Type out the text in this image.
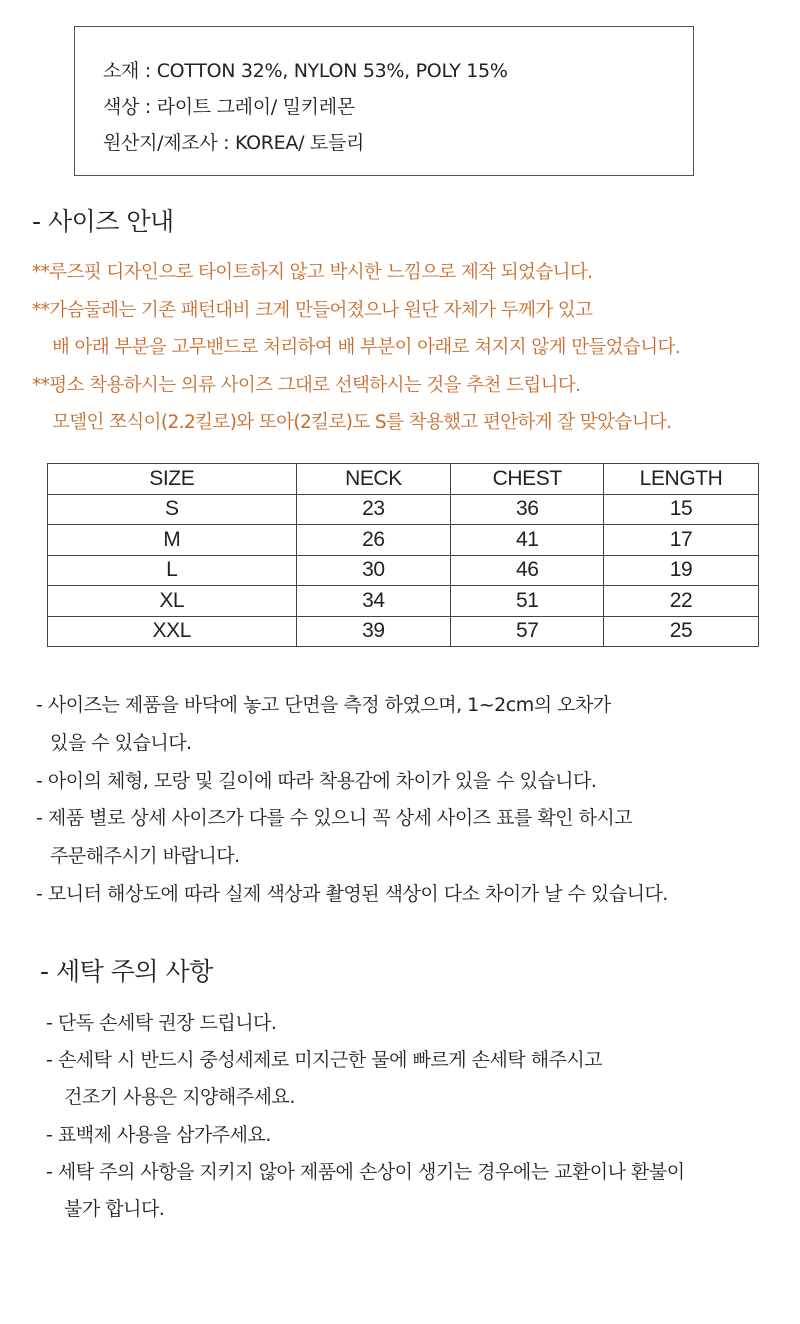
소재 : COTTON 32%, NYLON 53%, POLY 15%
색상 : 라이트 그레이/ 밀키레몬
원산지/제조사 : KOREA/ 토들리
- 사이즈 안내
**루즈핏 디자인으로 타이트하지 않고 박시한 느낌으로 제작 되었습니다.
**가슴둘레는 기존 패턴대비 크게 만들어졌으나 원단 자체가 두께가 있고
배 아래 부분을 고무밴드로 처리하여 배 부분이 아래로 쳐지지 않게 만들었습니다.
**평소 착용하시는 의류 사이즈 그대로 선택하시는 것을 추천 드립니다.
모델인 쪼식이(2.2킬로)와 또아(2킬로)도 S를 착용했고 편안하게 잘 맞았습니다.
SIZE	NECK	CHEST	LENGTH
S	23	36	15
M	26	41	17
L	30	46	19
XL	34	51	22
XXL	39	57	25
- 사이즈는 제품을 바닥에 놓고 단면을 측정 하였으며, 1~2cm의 오차가
있을 수 있습니다.
- 아이의 체형, 모랑 및 길이에 따라 착용감에 차이가 있을 수 있습니다.
- 제품 별로 상세 사이즈가 다를 수 있으니 꼭 상세 사이즈 표를 확인 하시고
주문해주시기 바랍니다.
- 모니터 해상도에 따라 실제 색상과 촬영된 색상이 다소 차이가 날 수 있습니다.
- 세탁 주의 사항
- 단독 손세탁 권장 드립니다.
- 손세탁 시 반드시 중성세제로 미지근한 물에 빠르게 손세탁 해주시고
건조기 사용은 지양해주세요.
- 표백제 사용을 삼가주세요.
- 세탁 주의 사항을 지키지 않아 제품에 손상이 생기는 경우에는 교환이나 환불이
불가 합니다.
